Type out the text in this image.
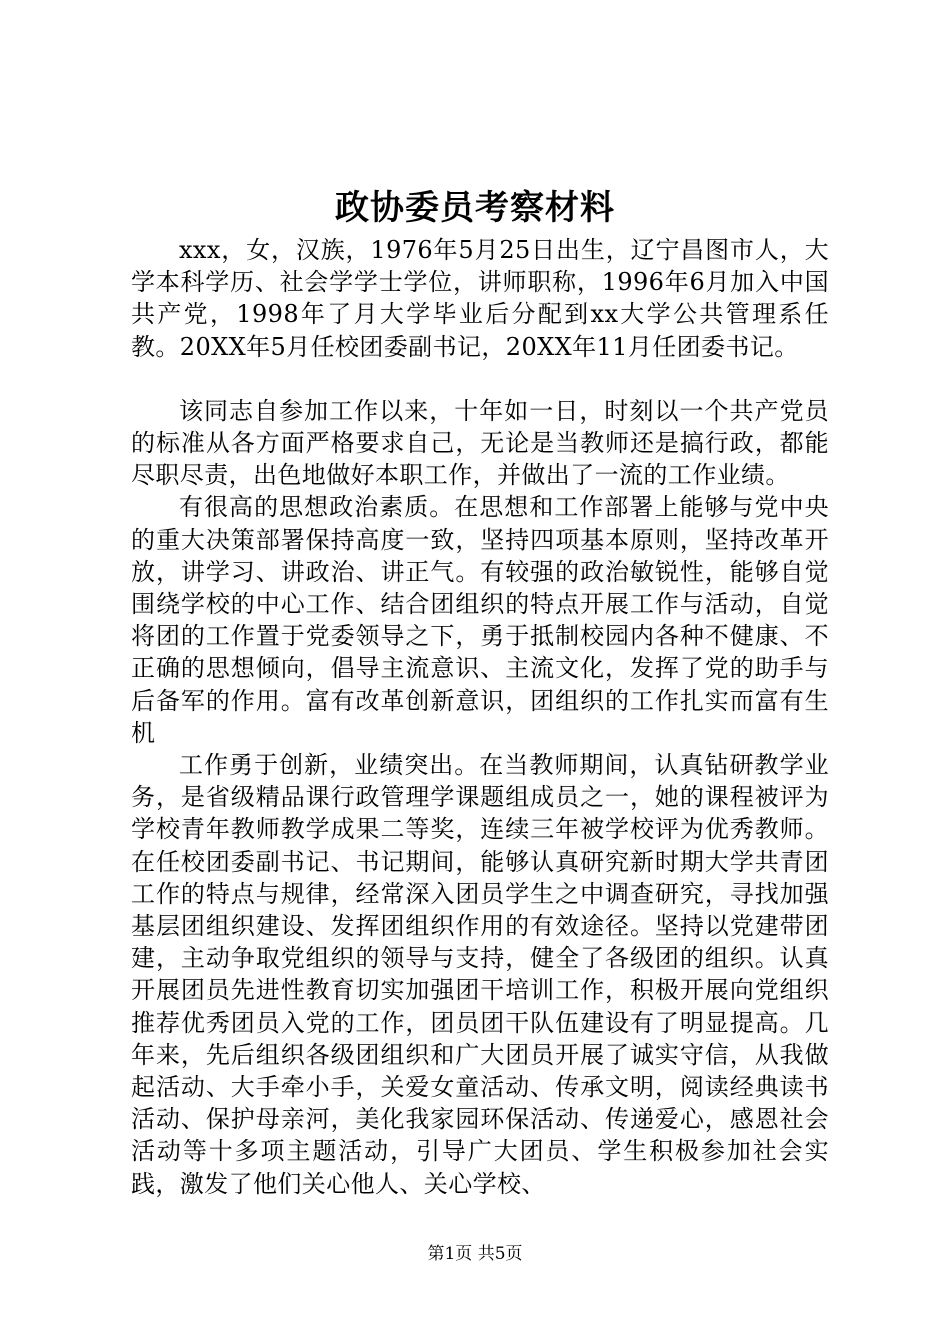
政协委员考察材料

xxx，女，汉族，1976年5月25日出生，辽宁昌图市人，大学本科学历、社会学学士学位，讲师职称，1996年6月加入中国共产党，1998年了月大学毕业后分配到xx大学公共管理系任教。20XX年5月任校团委副书记，20XX年11月任团委书记。

该同志自参加工作以来，十年如一日，时刻以一个共产党员的标准从各方面严格要求自己，无论是当教师还是搞行政，都能尽职尽责，出色地做好本职工作，并做出了一流的工作业绩。

有很高的思想政治素质。在思想和工作部署上能够与党中央的重大决策部署保持高度一致，坚持四项基本原则，坚持改革开放，讲学习、讲政治、讲正气。有较强的政治敏锐性，能够自觉围绕学校的中心工作、结合团组织的特点开展工作与活动，自觉将团的工作置于党委领导之下，勇于抵制校园内各种不健康、不正确的思想倾向，倡导主流意识、主流文化，发挥了党的助手与后备军的作用。富有改革创新意识，团组织的工作扎实而富有生机

工作勇于创新，业绩突出。在当教师期间，认真钻研教学业务，是省级精品课行政管理学课题组成员之一，她的课程被评为学校青年教师教学成果二等奖，连续三年被学校评为优秀教师。在任校团委副书记、书记期间，能够认真研究新时期大学共青团工作的特点与规律，经常深入团员学生之中调查研究，寻找加强基层团组织建设、发挥团组织作用的有效途径。坚持以党建带团建，主动争取党组织的领导与支持，健全了各级团的组织。认真开展团员先进性教育切实加强团干培训工作，积极开展向党组织推荐优秀团员入党的工作，团员团干队伍建设有了明显提高。几年来，先后组织各级团组织和广大团员开展了诚实守信，从我做起活动、大手牵小手，关爱女童活动、传承文明，阅读经典读书活动、保护母亲河，美化我家园环保活动、传递爱心，感恩社会活动等十多项主题活动，引导广大团员、学生积极参加社会实践，激发了他们关心他人、关心学校、

第1页 共5页
